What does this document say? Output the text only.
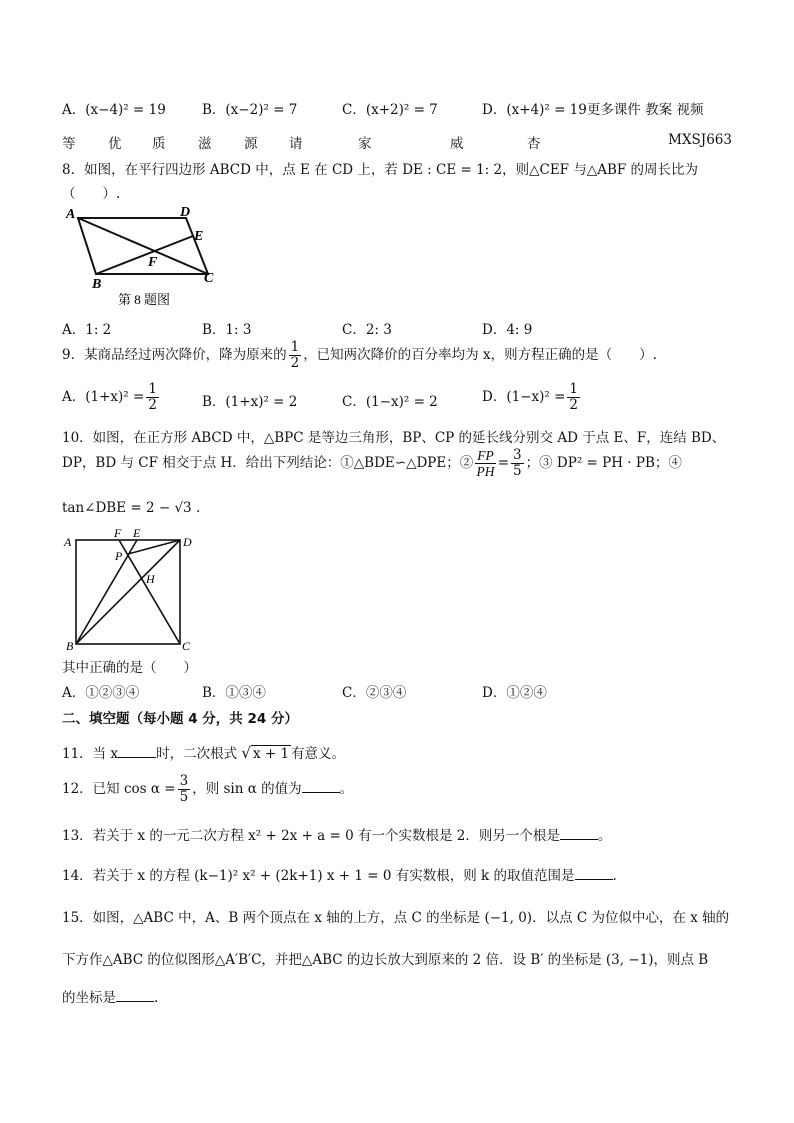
A．(x−4)² = 19	B．(x−2)² = 7	C．(x+2)² = 7	D．(x+4)² = 19更多课件 教案 视频
等 优 质 滋 源 请	家	威	杏	MXSJ663
8．如图，在平行四边形 ABCD 中，点 E 在 CD 上，若 DE : CE = 1: 2，则△CEF 与△ABF 的周长比为
（　　）.
A	D
E
F
B	C
第 8 题图
A．1: 2	B．1: 3	C．2: 3	D．4: 9
9．某商品经过两次降价，降为原来的 $\frac{1}{2}$ ，已知两次降价的百分率均为 x，则方程正确的是（　　）.
A．$(1+x)^2 = \frac{1}{2}$	B．(1+x)² = 2	C．(1−x)² = 2	D．$(1-x)^2 = \frac{1}{2}$
10．如图，在正方形 ABCD 中，△BPC 是等边三角形，BP、CP 的延长线分别交 AD 于点 E、F，连结 BD、
DP，BD 与 CF 相交于点 H．给出下列结论：①△BDE∽△DPE；② $\frac{FP}{PH} = \frac{3}{5}$ ；③ DP² = PH · PB；④
tan∠DBE = 2 − √3 .
A
F E
D
P
H
B	C
其中正确的是（　　）
A．①②③④	B．①③④	C．②③④	D．①②④
二、填空题（每小题 4 分，共 24 分）
11．当 x	时，二次根式 √ x + 1 有意义。
12．已知 $\cos \alpha = \frac{3}{5}$ ，则 sin α 的值为	。
13．若关于 x 的一元二次方程 x² + 2x + a = 0 有一个实数根是 2．则另一个根是	。
14．若关于 x 的方程 (k−1)² x² + (2k+1) x + 1 = 0 有实数根，则 k 的取值范围是	.
15．如图，△ABC 中，A、B 两个顶点在 x 轴的上方，点 C 的坐标是 (−1, 0)．以点 C 为位似中心，在 x 轴的
下方作△ABC 的位似图形△A′B′C，并把△ABC 的边长放大到原来的 2 倍．设 B′ 的坐标是 (3, −1)，则点 B
的坐标是	.
